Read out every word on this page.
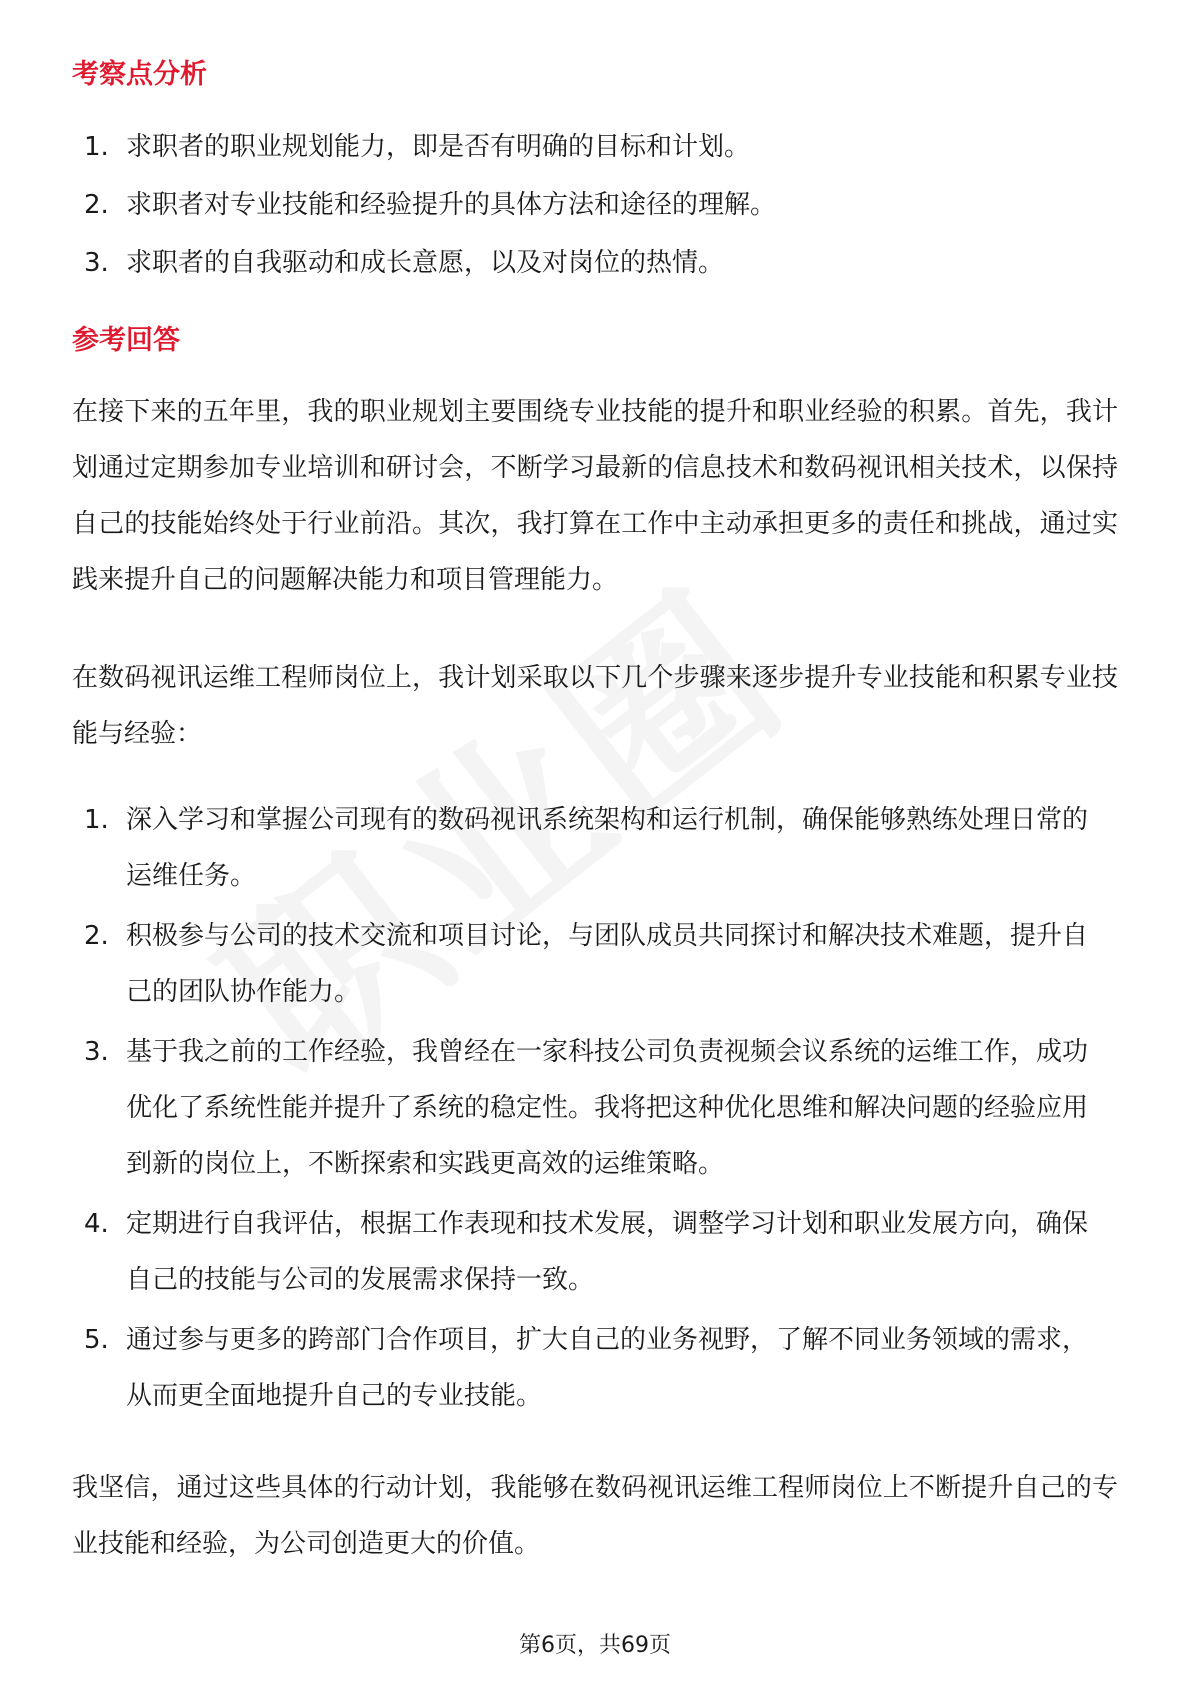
考察点分析
1. 求职者的职业规划能力，即是否有明确的目标和计划。
2. 求职者对专业技能和经验提升的具体方法和途径的理解。
3. 求职者的自我驱动和成长意愿，以及对岗位的热情。
参考回答

在接下来的五年里，我的职业规划主要围绕专业技能的提升和职业经验的积累。首先，我计划通过定期参加专业培训和研讨会，不断学习最新的信息技术和数码视讯相关技术，以保持自己的技能始终处于行业前沿。其次，我打算在工作中主动承担更多的责任和挑战，通过实践来提升自己的问题解决能力和项目管理能力。

在数码视讯运维工程师岗位上，我计划采取以下几个步骤来逐步提升专业技能和积累专业技能与经验：

1. 深入学习和掌握公司现有的数码视讯系统架构和运行机制，确保能够熟练处理日常的运维任务。
2. 积极参与公司的技术交流和项目讨论，与团队成员共同探讨和解决技术难题，提升自己的团队协作能力。
3. 基于我之前的工作经验，我曾经在一家科技公司负责视频会议系统的运维工作，成功优化了系统性能并提升了系统的稳定性。我将把这种优化思维和解决问题的经验应用到新的岗位上，不断探索和实践更高效的运维策略。
4. 定期进行自我评估，根据工作表现和技术发展，调整学习计划和职业发展方向，确保自己的技能与公司的发展需求保持一致。
5. 通过参与更多的跨部门合作项目，扩大自己的业务视野，了解不同业务领域的需求，从而更全面地提升自己的专业技能。

我坚信，通过这些具体的行动计划，我能够在数码视讯运维工程师岗位上不断提升自己的专业技能和经验，为公司创造更大的价值。

第6页，共69页
